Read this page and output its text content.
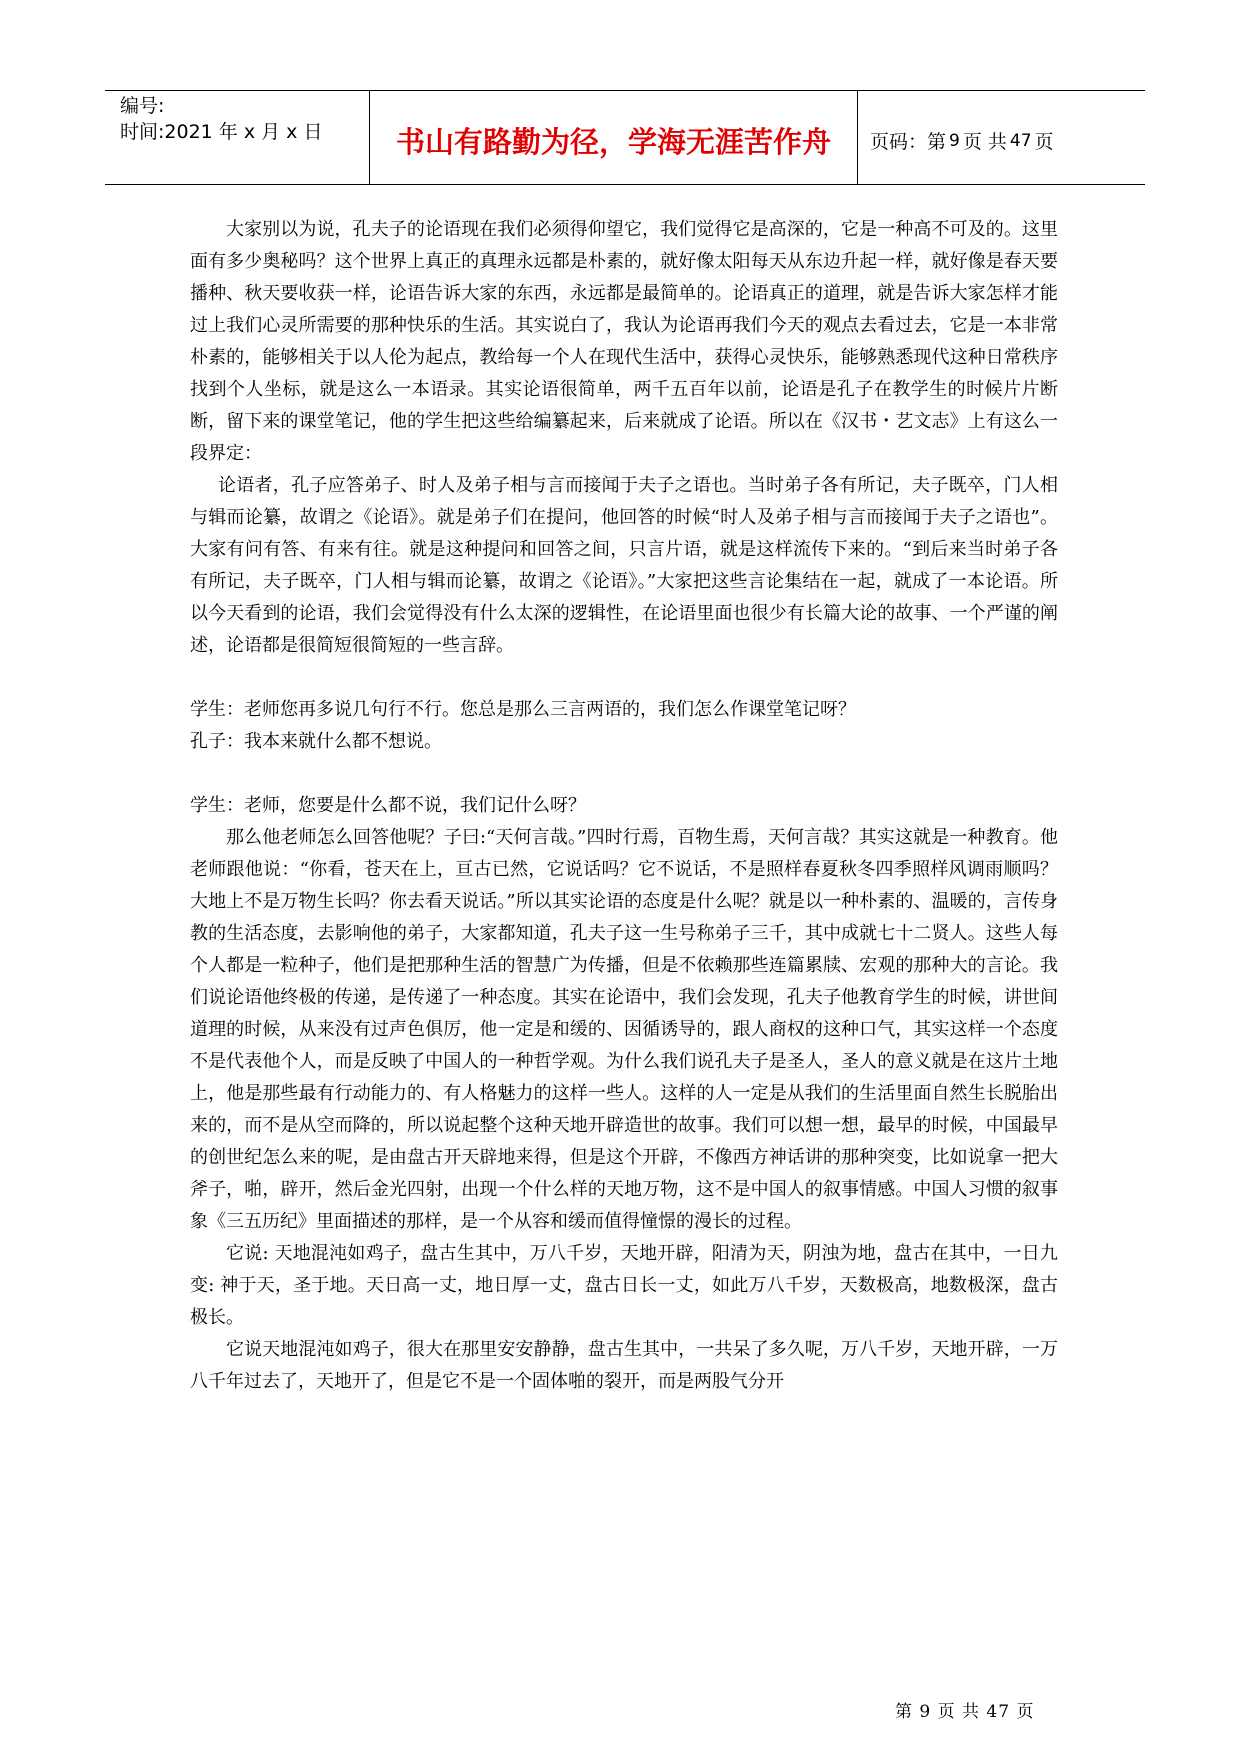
编号:
时间:2021 年 x 月 x 日	书山有路勤为径，学海无涯苦作舟	页码：第 9 页 共 47 页

大家别以为说，孔夫子的论语现在我们必须得仰望它，我们觉得它是高深的，它是一种高不可及的。这里面有多少奥秘吗？这个世界上真正的真理永远都是朴素的，就好像太阳每天从东边升起一样，就好像是春天要播种、秋天要收获一样，论语告诉大家的东西，永远都是最简单的。论语真正的道理，就是告诉大家怎样才能过上我们心灵所需要的那种快乐的生活。其实说白了，我认为论语再我们今天的观点去看过去，它是一本非常朴素的，能够相关于以人伦为起点，教给每一个人在现代生活中，获得心灵快乐，能够熟悉现代这种日常秩序找到个人坐标，就是这么一本语录。其实论语很简单，两千五百年以前，论语是孔子在教学生的时候片片断断，留下来的课堂笔记，他的学生把这些给编纂起来，后来就成了论语。所以在《汉书・艺文志》上有这么一段界定：

论语者，孔子应答弟子、时人及弟子相与言而接闻于夫子之语也。当时弟子各有所记，夫子既卒，门人相与辑而论纂，故谓之《论语》。就是弟子们在提问，他回答的时候“时人及弟子相与言而接闻于夫子之语也”。大家有问有答、有来有往。就是这种提问和回答之间，只言片语，就是这样流传下来的。“到后来当时弟子各有所记，夫子既卒，门人相与辑而论纂，故谓之《论语》。”大家把这些言论集结在一起，就成了一本论语。所以今天看到的论语，我们会觉得没有什么太深的逻辑性，在论语里面也很少有长篇大论的故事、一个严谨的阐述，论语都是很简短很简短的一些言辞。

学生：老师您再多说几句行不行。您总是那么三言两语的，我们怎么作课堂笔记呀？

孔子：我本来就什么都不想说。

学生：老师，您要是什么都不说，我们记什么呀？

那么他老师怎么回答他呢？子曰:“天何言哉。”四时行焉，百物生焉，天何言哉？其实这就是一种教育。他老师跟他说：“你看，苍天在上，亘古已然，它说话吗？它不说话，不是照样春夏秋冬四季照样风调雨顺吗？大地上不是万物生长吗？你去看天说话。”所以其实论语的态度是什么呢？就是以一种朴素的、温暖的，言传身教的生活态度，去影响他的弟子，大家都知道，孔夫子这一生号称弟子三千，其中成就七十二贤人。这些人每个人都是一粒种子，他们是把那种生活的智慧广为传播，但是不依赖那些连篇累牍、宏观的那种大的言论。我们说论语他终极的传递，是传递了一种态度。其实在论语中，我们会发现，孔夫子他教育学生的时候，讲世间道理的时候，从来没有过声色俱厉，他一定是和缓的、因循诱导的，跟人商权的这种口气，其实这样一个态度不是代表他个人，而是反映了中国人的一种哲学观。为什么我们说孔夫子是圣人，圣人的意义就是在这片土地上，他是那些最有行动能力的、有人格魅力的这样一些人。这样的人一定是从我们的生活里面自然生长脱胎出来的，而不是从空而降的，所以说起整个这种天地开辟造世的故事。我们可以想一想，最早的时候，中国最早的创世纪怎么来的呢，是由盘古开天辟地来得，但是这个开辟，不像西方神话讲的那种突变，比如说拿一把大斧子，啪，辟开，然后金光四射，出现一个什么样的天地万物，这不是中国人的叙事情感。中国人习惯的叙事象《三五历纪》里面描述的那样，是一个从容和缓而值得憧憬的漫长的过程。

它说: 天地混沌如鸡子，盘古生其中，万八千岁，天地开辟，阳清为天，阴浊为地，盘古在其中，一日九变: 神于天，圣于地。天日高一丈，地日厚一丈，盘古日长一丈，如此万八千岁，天数极高，地数极深，盘古极长。

它说天地混沌如鸡子，很大在那里安安静静，盘古生其中，一共呆了多久呢，万八千岁，天地开辟，一万八千年过去了，天地开了，但是它不是一个固体啪的裂开，而是两股气分开

第 9 页 共 47 页
